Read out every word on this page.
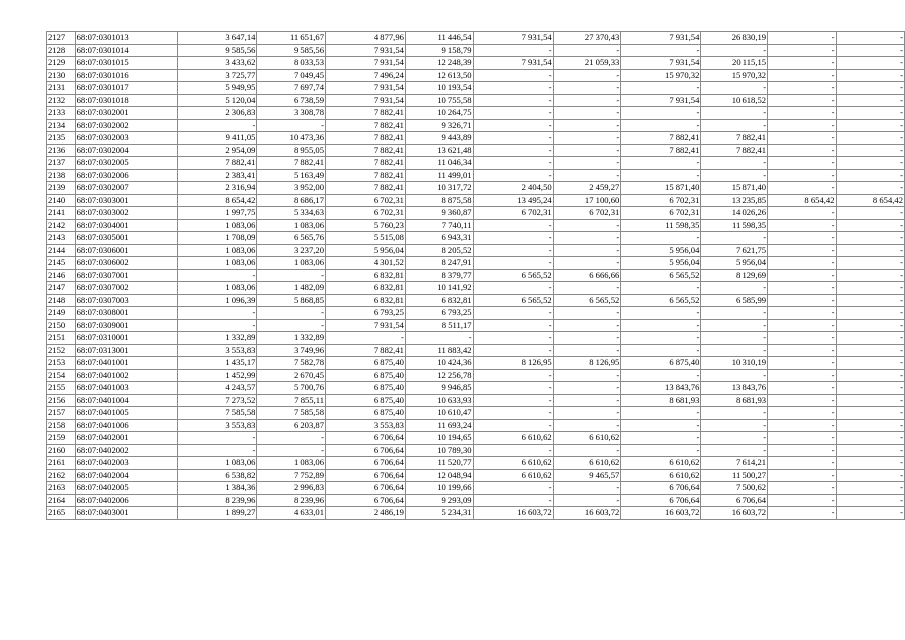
2127	68:07:0301013	3 647,14	11 651,67	4 877,96	11 446,54	7 931,54	27 370,43	7 931,54	26 830,19	-	-
2128	68:07:0301014	9 585,56	9 585,56	7 931,54	9 158,79	-	-	-	-	-	-
2129	68:07:0301015	3 433,62	8 033,53	7 931,54	12 248,39	7 931,54	21 059,33	7 931,54	20 115,15	-	-
2130	68:07:0301016	3 725,77	7 049,45	7 496,24	12 613,50	-	-	15 970,32	15 970,32	-	-
2131	68:07:0301017	5 949,95	7 697,74	7 931,54	10 193,54	-	-	-	-	-	-
2132	68:07:0301018	5 120,04	6 738,59	7 931,54	10 755,58	-	-	7 931,54	10 618,52	-	-
2133	68:07:0302001	2 306,83	3 308,78	7 882,41	10 264,75	-	-	-	-	-	-
2134	68:07:0302002	-	-	7 882,41	9 326,71	-	-	-	-	-	-
2135	68:07:0302003	9 411,05	10 473,36	7 882,41	9 443,89	-	-	7 882,41	7 882,41	-	-
2136	68:07:0302004	2 954,09	8 955,05	7 882,41	13 621,48	-	-	7 882,41	7 882,41	-	-
2137	68:07:0302005	7 882,41	7 882,41	7 882,41	11 046,34	-	-	-	-	-	-
2138	68:07:0302006	2 383,41	5 163,49	7 882,41	11 499,01	-	-	-	-	-	-
2139	68:07:0302007	2 316,94	3 952,00	7 882,41	10 317,72	2 404,50	2 459,27	15 871,40	15 871,40	-	-
2140	68:07:0303001	8 654,42	8 686,17	6 702,31	8 875,58	13 495,24	17 100,60	6 702,31	13 235,85	8 654,42	8 654,42
2141	68:07:0303002	1 997,75	5 334,63	6 702,31	9 360,87	6 702,31	6 702,31	6 702,31	14 026,26	-	-
2142	68:07:0304001	1 083,06	1 083,06	5 760,23	7 740,11	-	-	11 598,35	11 598,35	-	-
2143	68:07:0305001	1 708,09	6 565,76	5 515,08	6 943,31	-	-	-	-	-	-
2144	68:07:0306001	1 083,06	3 237,20	5 956,04	8 205,52	-	-	5 956,04	7 621,75	-	-
2145	68:07:0306002	1 083,06	1 083,06	4 301,52	8 247,91	-	-	5 956,04	5 956,04	-	-
2146	68:07:0307001	-	-	6 832,81	8 379,77	6 565,52	6 666,66	6 565,52	8 129,69	-	-
2147	68:07:0307002	1 083,06	1 482,09	6 832,81	10 141,92	-	-	-	-	-	-
2148	68:07:0307003	1 096,39	5 868,85	6 832,81	6 832,81	6 565,52	6 565,52	6 565,52	6 585,99	-	-
2149	68:07:0308001	-	-	6 793,25	6 793,25	-	-	-	-	-	-
2150	68:07:0309001	-	-	7 931,54	8 511,17	-	-	-	-	-	-
2151	68:07:0310001	1 332,89	1 332,89	-	-	-	-	-	-	-	-
2152	68:07:0313001	3 553,83	3 749,96	7 882,41	11 883,42	-	-	-	-	-	-
2153	68:07:0401001	1 435,17	7 582,78	6 875,40	10 424,36	8 126,95	8 126,95	6 875,40	10 310,19	-	-
2154	68:07:0401002	1 452,99	2 670,45	6 875,40	12 256,78	-	-	-	-	-	-
2155	68:07:0401003	4 243,57	5 700,76	6 875,40	9 946,85	-	-	13 843,76	13 843,76	-	-
2156	68:07:0401004	7 273,52	7 855,11	6 875,40	10 633,93	-	-	8 681,93	8 681,93	-	-
2157	68:07:0401005	7 585,58	7 585,58	6 875,40	10 610,47	-	-	-	-	-	-
2158	68:07:0401006	3 553,83	6 203,87	3 553,83	11 693,24	-	-	-	-	-	-
2159	68:07:0402001	-	-	6 706,64	10 194,65	6 610,62	6 610,62	-	-	-	-
2160	68:07:0402002	-	-	6 706,64	10 789,30	-	-	-	-	-	-
2161	68:07:0402003	1 083,06	1 083,06	6 706,64	11 520,77	6 610,62	6 610,62	6 610,62	7 614,21	-	-
2162	68:07:0402004	6 538,82	7 752,89	6 706,64	12 048,94	6 610,62	9 465,57	6 610,62	11 500,27	-	-
2163	68:07:0402005	1 384,36	2 996,83	6 706,64	10 199,66	-	-	6 706,64	7 500,62	-	-
2164	68:07:0402006	8 239,96	8 239,96	6 706,64	9 293,09	-	-	6 706,64	6 706,64	-	-
2165	68:07:0403001	1 899,27	4 633,01	2 486,19	5 234,31	16 603,72	16 603,72	16 603,72	16 603,72	-	-
